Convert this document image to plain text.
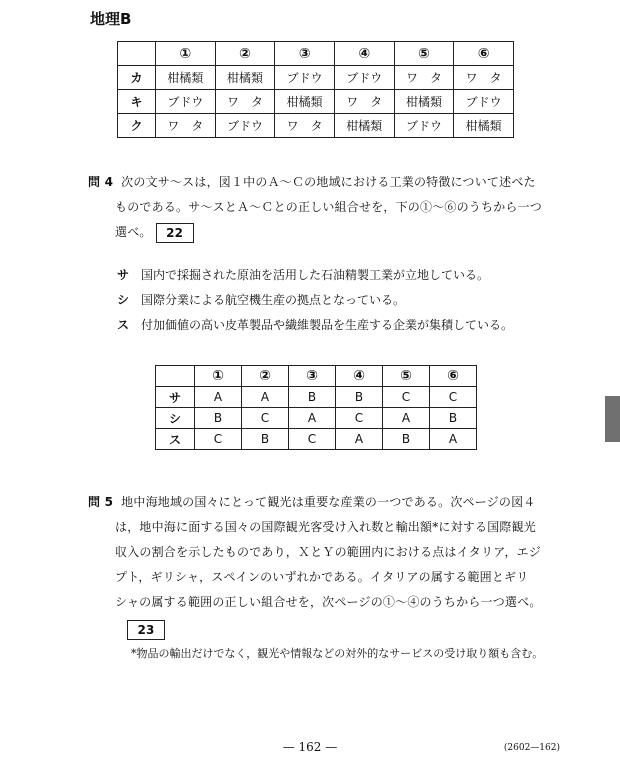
地理B
	①	②	③	④	⑤	⑥
カ	柑橘類	柑橘類	ブドウ	ブドウ	ワ　タ	ワ　タ
キ	ブドウ	ワ　タ	柑橘類	ワ　タ	柑橘類	ブドウ
ク	ワ　タ	ブドウ	ワ　タ	柑橘類	ブドウ	柑橘類
問 4 次の文サ～スは，図１中のＡ～Ｃの地域における工業の特徴について述べた
ものである。サ～スとＡ～Ｃとの正しい組合せを，下の①～⑥のうちから一つ
選べ。 22
サ 国内で採掘された原油を活用した石油精製工業が立地している。
シ 国際分業による航空機生産の拠点となっている。
ス 付加価値の高い皮革製品や繊維製品を生産する企業が集積している。
	①	②	③	④	⑤	⑥
サ	A	A	B	B	C	C
シ	B	C	A	C	A	B
ス	C	B	C	A	B	A
問 5 地中海地域の国々にとって観光は重要な産業の一つである。次ページの図４
は，地中海に面する国々の国際観光客受け入れ数と輸出額*に対する国際観光
収入の割合を示したものであり，ＸとＹの範囲内における点はイタリア，エジ
プト，ギリシャ，スペインのいずれかである。イタリアの属する範囲とギリ
シャの属する範囲の正しい組合せを，次ページの①～④のうちから一つ選べ。
23
*物品の輸出だけでなく，観光や情報などの対外的なサービスの受け取り額も含む。
— 162 —	(2602—162)
